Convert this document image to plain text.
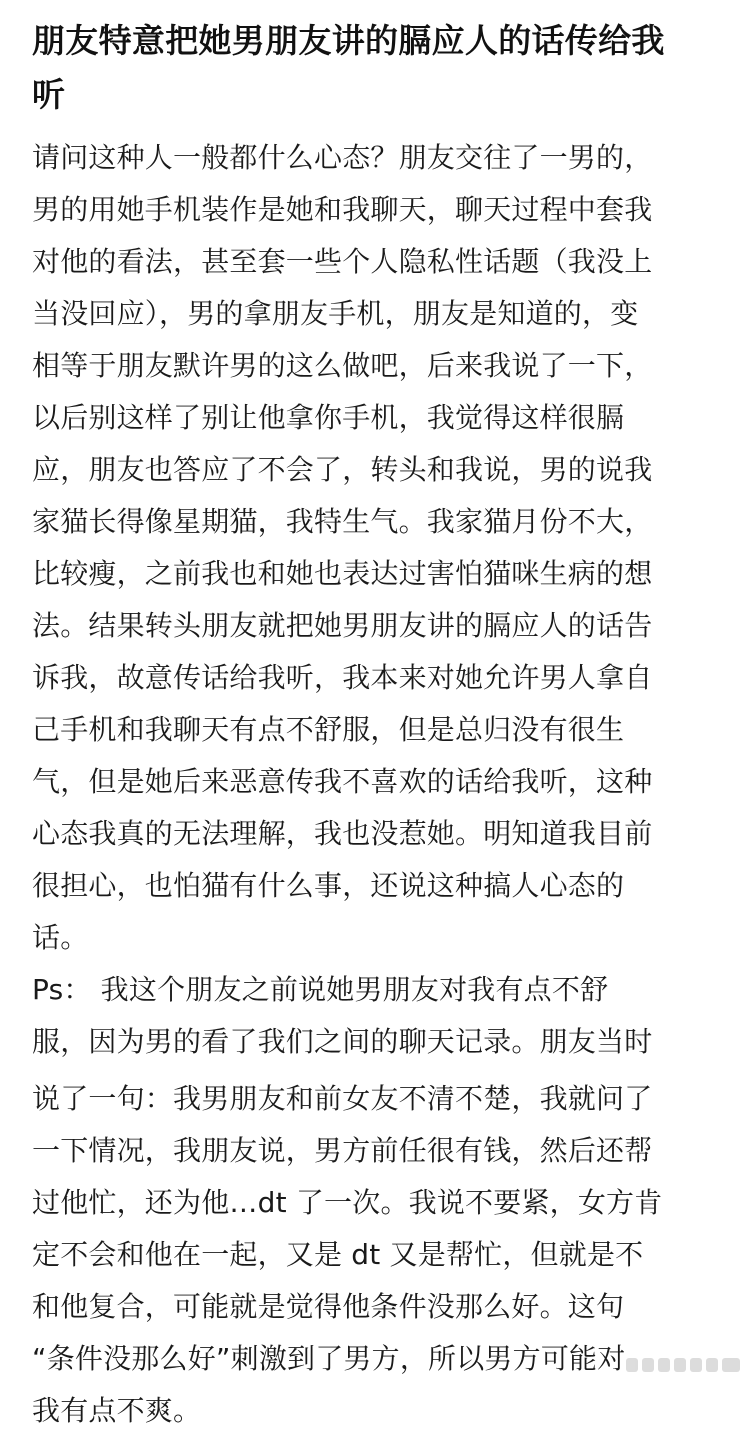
朋友特意把她男朋友讲的膈应人的话传给我
听
请问这种人一般都什么心态？朋友交往了一男的，
男的用她手机装作是她和我聊天，聊天过程中套我
对他的看法，甚至套一些个人隐私性话题（我没上
当没回应），男的拿朋友手机，朋友是知道的，变
相等于朋友默许男的这么做吧，后来我说了一下，
以后别这样了别让他拿你手机，我觉得这样很膈
应，朋友也答应了不会了，转头和我说，男的说我
家猫长得像星期猫，我特生气。我家猫月份不大，
比较瘦，之前我也和她也表达过害怕猫咪生病的想
法。结果转头朋友就把她男朋友讲的膈应人的话告
诉我，故意传话给我听，我本来对她允许男人拿自
己手机和我聊天有点不舒服，但是总归没有很生
气，但是她后来恶意传我不喜欢的话给我听，这种
心态我真的无法理解，我也没惹她。明知道我目前
很担心，也怕猫有什么事，还说这种搞人心态的
话。
Ps： 我这个朋友之前说她男朋友对我有点不舒
服，因为男的看了我们之间的聊天记录。朋友当时
说了一句：我男朋友和前女友不清不楚，我就问了
一下情况，我朋友说，男方前任很有钱，然后还帮
过他忙，还为他…dt 了一次。我说不要紧，女方肯
定不会和他在一起，又是 dt 又是帮忙，但就是不
和他复合，可能就是觉得他条件没那么好。这句
“条件没那么好”刺激到了男方，所以男方可能对
我有点不爽。
